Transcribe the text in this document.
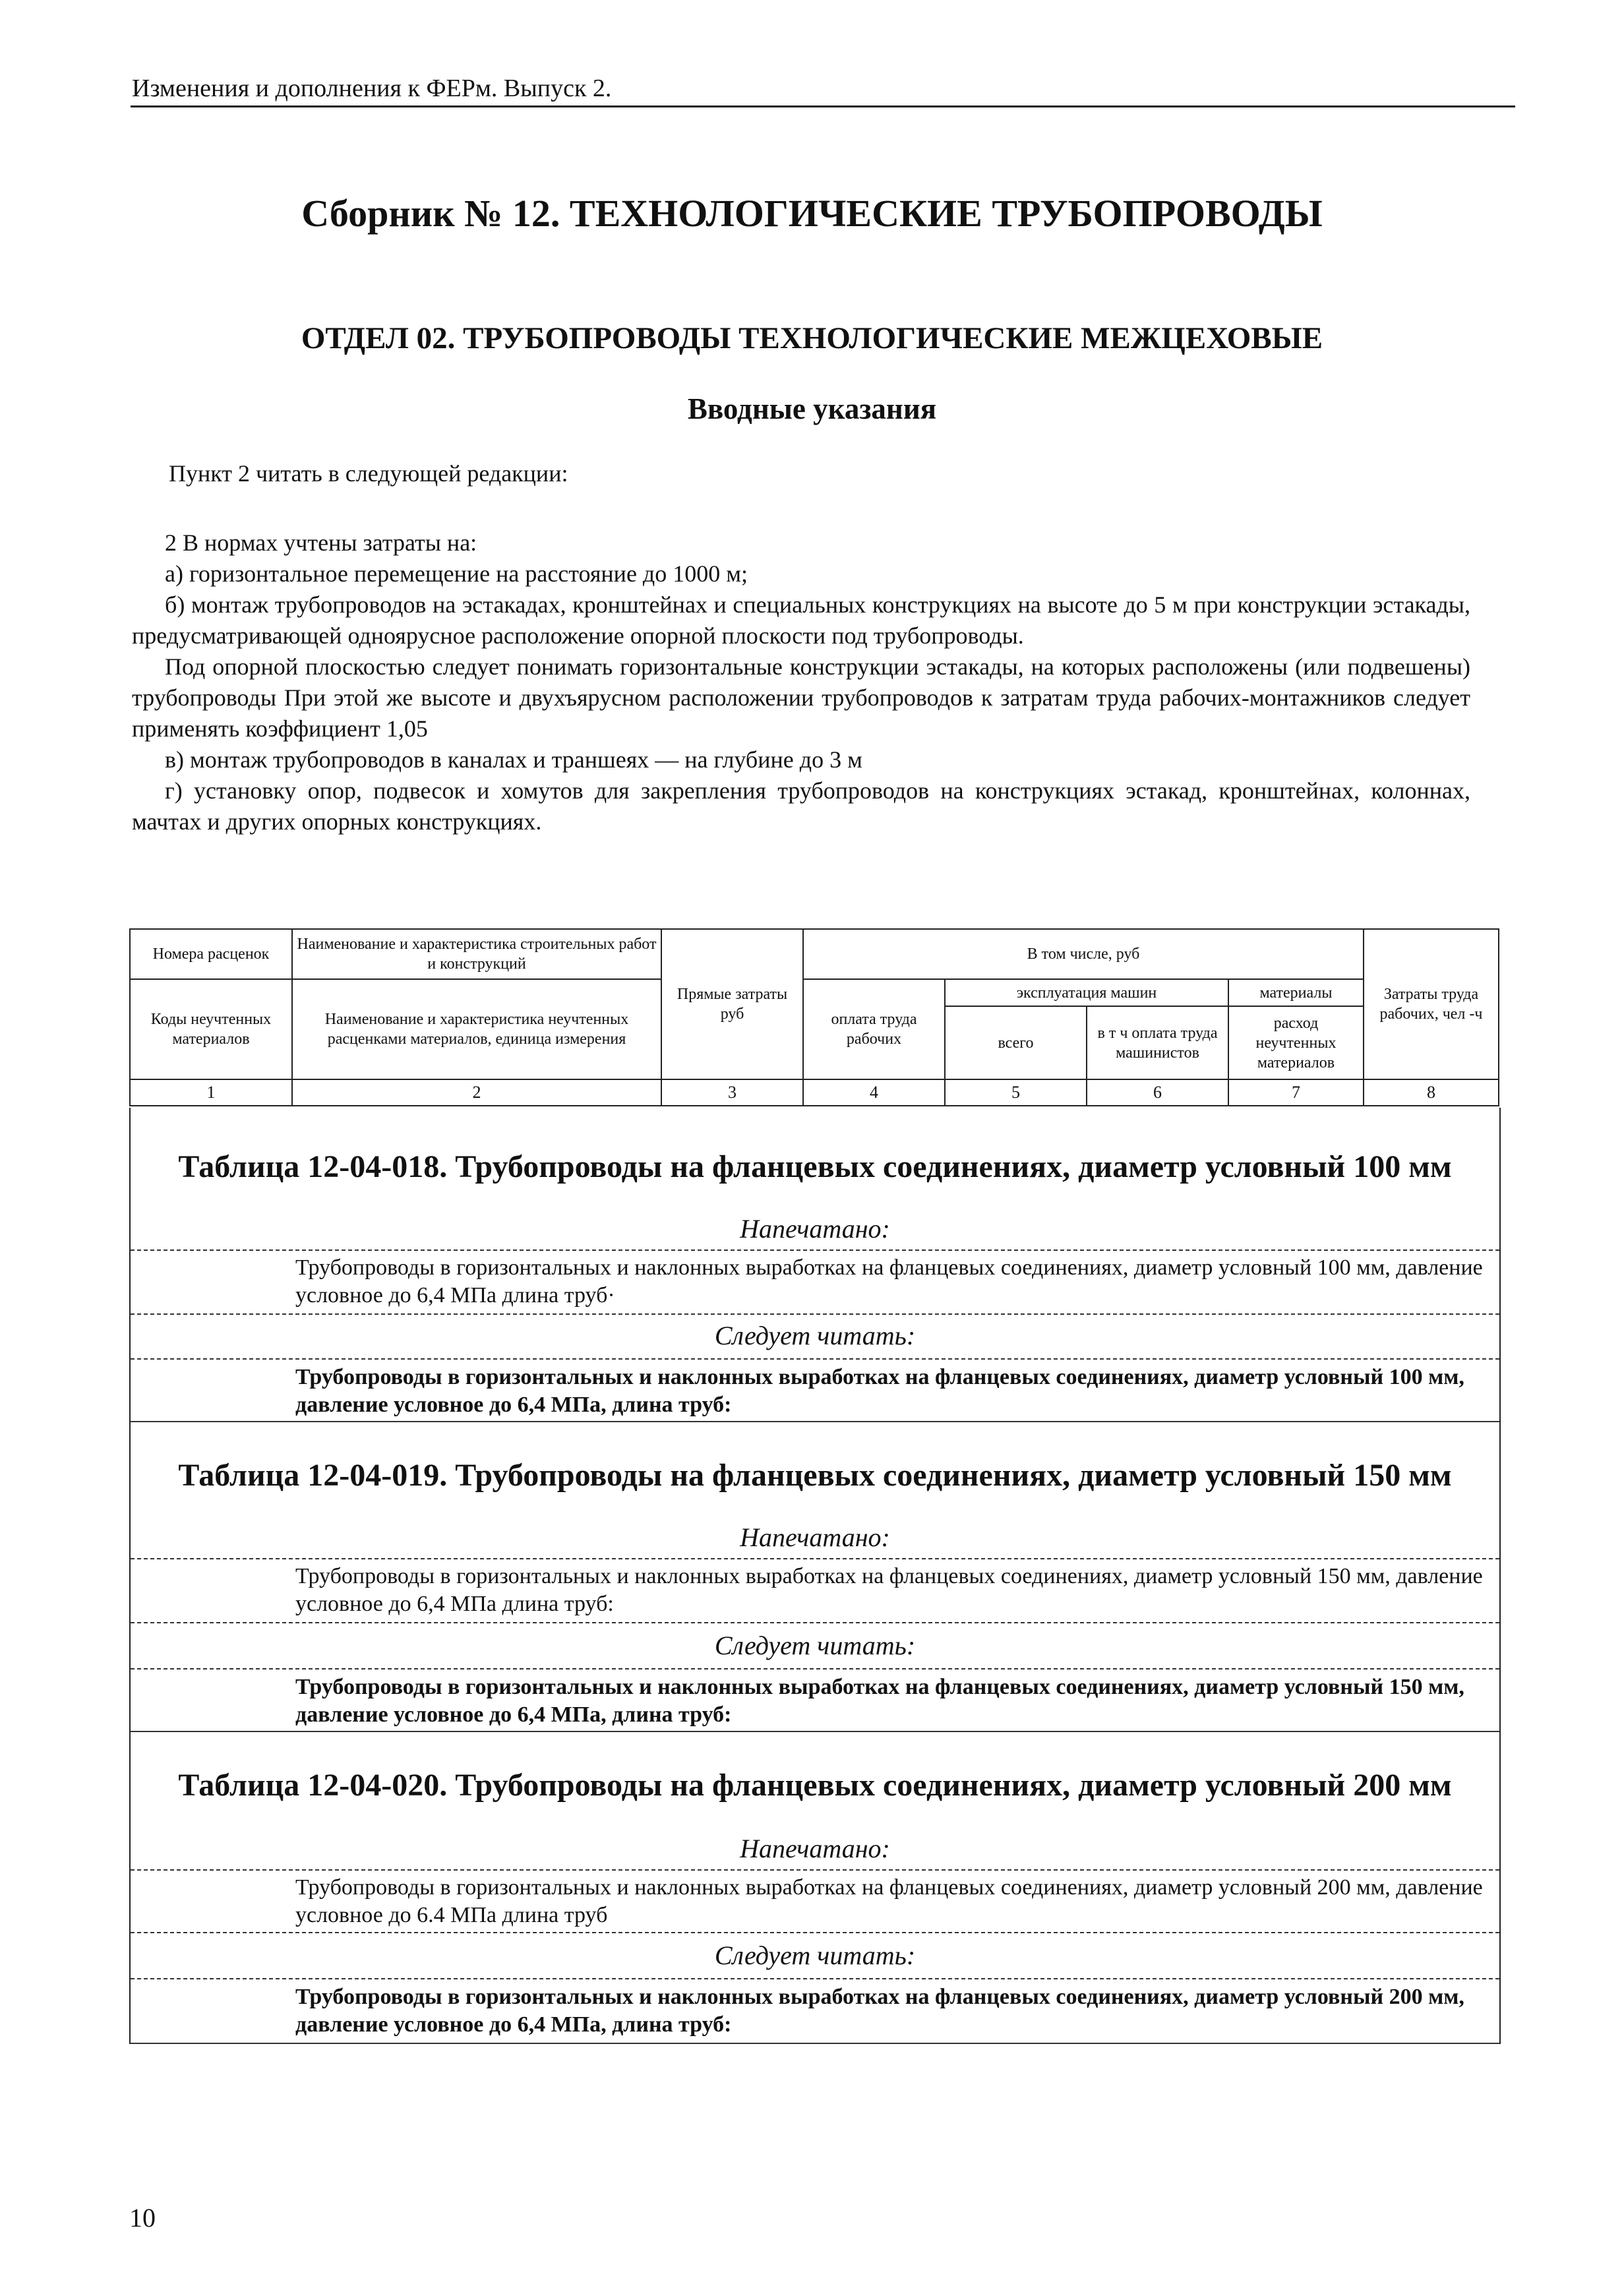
Изменения и дополнения к ФЕРм. Выпуск 2.
Сборник № 12. ТЕХНОЛОГИЧЕСКИЕ ТРУБОПРОВОДЫ
ОТДЕЛ 02. ТРУБОПРОВОДЫ ТЕХНОЛОГИЧЕСКИЕ МЕЖЦЕХОВЫЕ
Вводные указания
Пункт 2 читать в следующей редакции:
2 В нормах учтены затраты на:
а) горизонтальное перемещение на расстояние до 1000 м;
б) монтаж трубопроводов на эстакадах, кронштейнах и специальных конструкциях на высоте до 5 м при конструкции эстакады, предусматривающей одноярусное расположение опорной плоскости под трубопроводы.
Под опорной плоскостью следует понимать горизонтальные конструкции эстакады, на которых расположены (или подвешены) трубопроводы При этой же высоте и двухъярусном расположении трубопроводов к затратам труда рабочих-монтажников следует применять коэффициент 1,05
в) монтаж трубопроводов в каналах и траншеях — на глубине до 3 м
г) установку опор, подвесок и хомутов для закрепления трубопроводов на конструкциях эстакад, кронштейнах, колоннах, мачтах и других опорных конструкциях.
Номера расценок	Наименование и характеристика строительных работ и конструкций	Прямые затраты руб	В том числе, руб				Затраты труда рабочих, чел -ч
Коды неучтенных материалов	Наименование и характеристика неучтенных расценками материалов, единица измерения		оплата труда рабочих	эксплуатация машин		материалы	
				всего	в т ч оплата труда машинистов	расход неучтенных материалов	
1	2	3	4	5	6	7	8
Таблица 12-04-018. Трубопроводы на фланцевых соединениях, диаметр условный 100 мм
Напечатано:
Трубопроводы в горизонтальных и наклонных выработках на фланцевых соединениях, диаметр условный 100 мм, давление условное до 6,4 МПа длина труб·
Следует читать:
Трубопроводы в горизонтальных и наклонных выработках на фланцевых соединениях, диаметр условный 100 мм, давление условное до 6,4 МПа, длина труб:
Таблица 12-04-019. Трубопроводы на фланцевых соединениях, диаметр условный 150 мм
Напечатано:
Трубопроводы в горизонтальных и наклонных выработках на фланцевых соединениях, диаметр условный 150 мм, давление условное до 6,4 МПа длина труб:
Следует читать:
Трубопроводы в горизонтальных и наклонных выработках на фланцевых соединениях, диаметр условный 150 мм, давление условное до 6,4 МПа, длина труб:
Таблица 12-04-020. Трубопроводы на фланцевых соединениях, диаметр условный 200 мм
Напечатано:
Трубопроводы в горизонтальных и наклонных выработках на фланцевых соединениях, диаметр условный 200 мм, давление условное до 6.4 МПа длина труб
Следует читать:
Трубопроводы в горизонтальных и наклонных выработках на фланцевых соединениях, диаметр условный 200 мм, давление условное до 6,4 МПа, длина труб:
10
